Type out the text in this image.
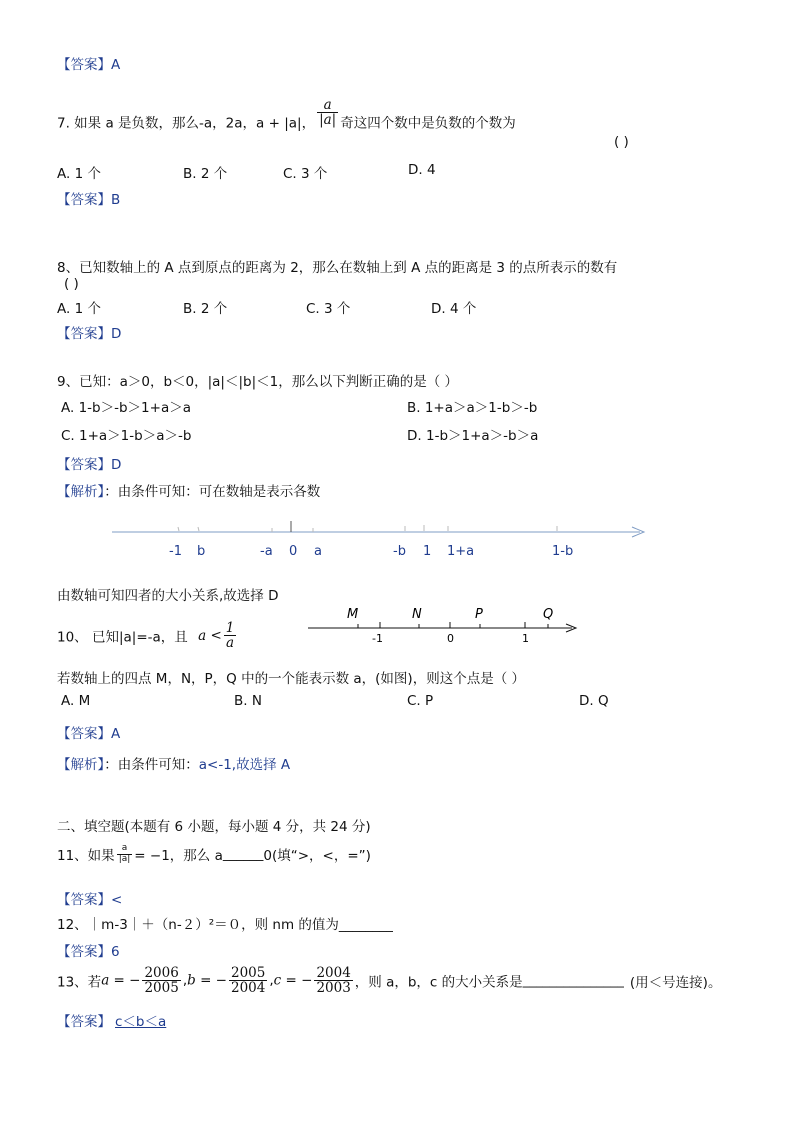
【答案】A
7. 如果 a 是负数，那么-a，2a，a + |a|， $\frac{a}{|a|}$ 奇这四个数中是负数的个数为
( )
A. 1 个	B. 2 个	C. 3 个	D. 4
【答案】B
8、已知数轴上的 A 点到原点的距离为 2，那么在数轴上到 A 点的距离是 3 的点所表示的数有
( )
A. 1 个	B. 2 个	C. 3 个	D. 4 个
【答案】D
9、已知：a＞0，b＜0，|a|＜|b|＜1，那么以下判断正确的是（ ）
A. 1-b＞-b＞1+a＞a	B. 1+a＞a＞1-b＞-b
C. 1+a＞1-b＞a＞-b	D. 1-b＞1+a＞-b＞a
【答案】D
【解析】：由条件可知：可在数轴是表示各数
-1 b	-a 0 a	-b 1 1+a	1-b
由数轴可知四者的大小关系,故选择 D
10、 已知|a|=-a，且 $a < \frac{1}{a}$
M	N	P	Q
-1	0	1
若数轴上的四点 M，N，P，Q 中的一个能表示数 a，(如图)，则这个点是（ ）
A. M	B. N	C. P	D. Q
【答案】A
【解析】：由条件可知：a<-1,故选择 A
二、填空题(本题有 6 小题，每小题 4 分，共 24 分)
11、如果 $\frac{a}{|a|} = -1$，那么 a______0(填“>，<，=”)
【答案】<
12、｜m-3｜＋（n-２）²＝０，则 nm 的值为________
【答案】6
13、若a = − $\frac{2006}{2005} ,b$ = − $\frac{2005}{2004} ,c$ = − $\frac{2004}{2003}$ ，则 a，b，c 的大小关系是_______________ (用＜号连接)。
【答案】 c＜b＜a
